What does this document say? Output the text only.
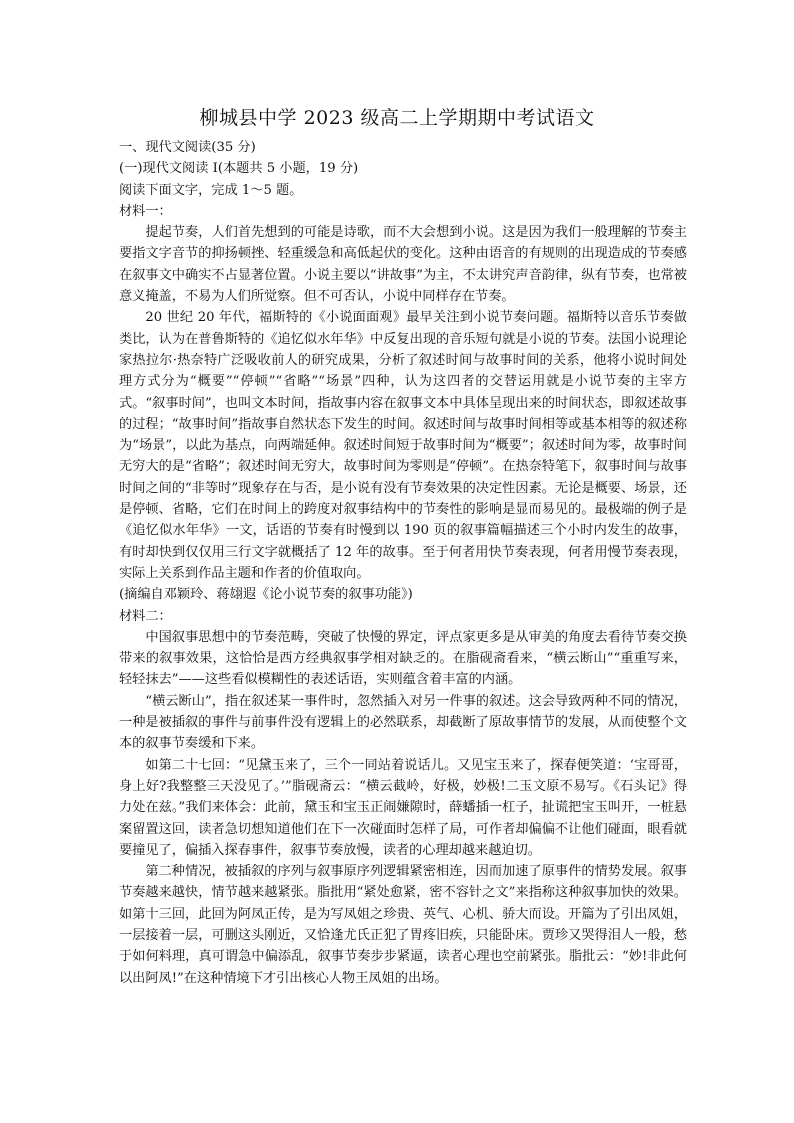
柳城县中学 2023 级高二上学期期中考试语文

一、现代文阅读(35 分)

(一)现代文阅读 I(本题共 5 小题，19 分)

阅读下面文字，完成 1～5 题。

材料一：

提起节奏，人们首先想到的可能是诗歌，而不大会想到小说。这是因为我们一般理解的节奏主要指文字音节的抑扬顿挫、轻重缓急和高低起伏的变化。这种由语音的有规则的出现造成的节奏感在叙事文中确实不占显著位置。小说主要以“讲故事”为主，不太讲究声音韵律，纵有节奏，也常被意义掩盖，不易为人们所觉察。但不可否认，小说中同样存在节奏。

20 世纪 20 年代，福斯特的《小说面面观》最早关注到小说节奏问题。福斯特以音乐节奏做类比，认为在普鲁斯特的《追忆似水年华》中反复出现的音乐短句就是小说的节奏。法国小说理论家热拉尔·热奈特广泛吸收前人的研究成果，分析了叙述时间与故事时间的关系，他将小说时间处理方式分为“概要”“停顿”“省略”“场景”四种，认为这四者的交替运用就是小说节奏的主宰方式。“叙事时间”，也叫文本时间，指故事内容在叙事文本中具体呈现出来的时间状态，即叙述故事的过程；“故事时间”指故事自然状态下发生的时间。叙述时间与故事时间相等或基本相等的叙述称为“场景”，以此为基点，向两端延伸。叙述时间短于故事时间为“概要”；叙述时间为零，故事时间无穷大的是“省略”；叙述时间无穷大，故事时间为零则是“停顿”。在热奈特笔下，叙事时间与故事时间之间的“非等时”现象存在与否，是小说有没有节奏效果的决定性因素。无论是概要、场景，还是停顿、省略，它们在时间上的跨度对叙事结构中的节奏性的影响是显而易见的。最极端的例子是《追忆似水年华》一文，话语的节奏有时慢到以 190 页的叙事篇幅描述三个小时内发生的故事，有时却快到仅仅用三行文字就概括了 12 年的故事。至于何者用快节奏表现，何者用慢节奏表现，实际上关系到作品主题和作者的价值取向。

(摘编自邓颖玲、蒋翃遐《论小说节奏的叙事功能》)

材料二：

中国叙事思想中的节奏范畴，突破了快慢的界定，评点家更多是从审美的角度去看待节奏交换带来的叙事效果，这恰恰是西方经典叙事学相对缺乏的。在脂砚斋看来，“横云断山”“重重写来，轻轻抹去”——这些看似模糊性的表述话语，实则蕴含着丰富的内涵。

“横云断山”，指在叙述某一事件时，忽然插入对另一件事的叙述。这会导致两种不同的情况，一种是被插叙的事件与前事件没有逻辑上的必然联系，却截断了原故事情节的发展，从而使整个文本的叙事节奏缓和下来。

如第二十七回：“见黛玉来了，三个一同站着说话儿。又见宝玉来了，探春便笑道：‘宝哥哥，身上好?我整整三天没见了。’”脂砚斋云：“横云截岭，好极，妙极!二玉文原不易写。《石头记》得力处在兹。”我们来体会：此前，黛玉和宝玉正闹嫌隙时，薛蟠插一杠子，扯谎把宝玉叫开，一桩悬案留置这回，读者急切想知道他们在下一次碰面时怎样了局，可作者却偏偏不让他们碰面，眼看就要撞见了，偏插入探春事件，叙事节奏放慢，读者的心理却越来越迫切。

第二种情况，被插叙的序列与叙事原序列逻辑紧密相连，因而加速了原事件的情势发展。叙事节奏越来越快，情节越来越紧张。脂批用“紧处愈紧，密不容针之文”来指称这种叙事加快的效果。如第十三回，此回为阿凤正传，是为写凤姐之珍贵、英气、心机、骄大而设。开篇为了引出凤姐，一层接着一层，可删这头刚近，又恰逢尤氏正犯了胃疼旧疾，只能卧床。贾珍又哭得泪人一般，愁于如何料理，真可谓急中偏添乱，叙事节奏步步紧逼，读者心理也空前紧张。脂批云：“妙!非此何以出阿凤!”在这种情境下才引出核心人物王凤姐的出场。
